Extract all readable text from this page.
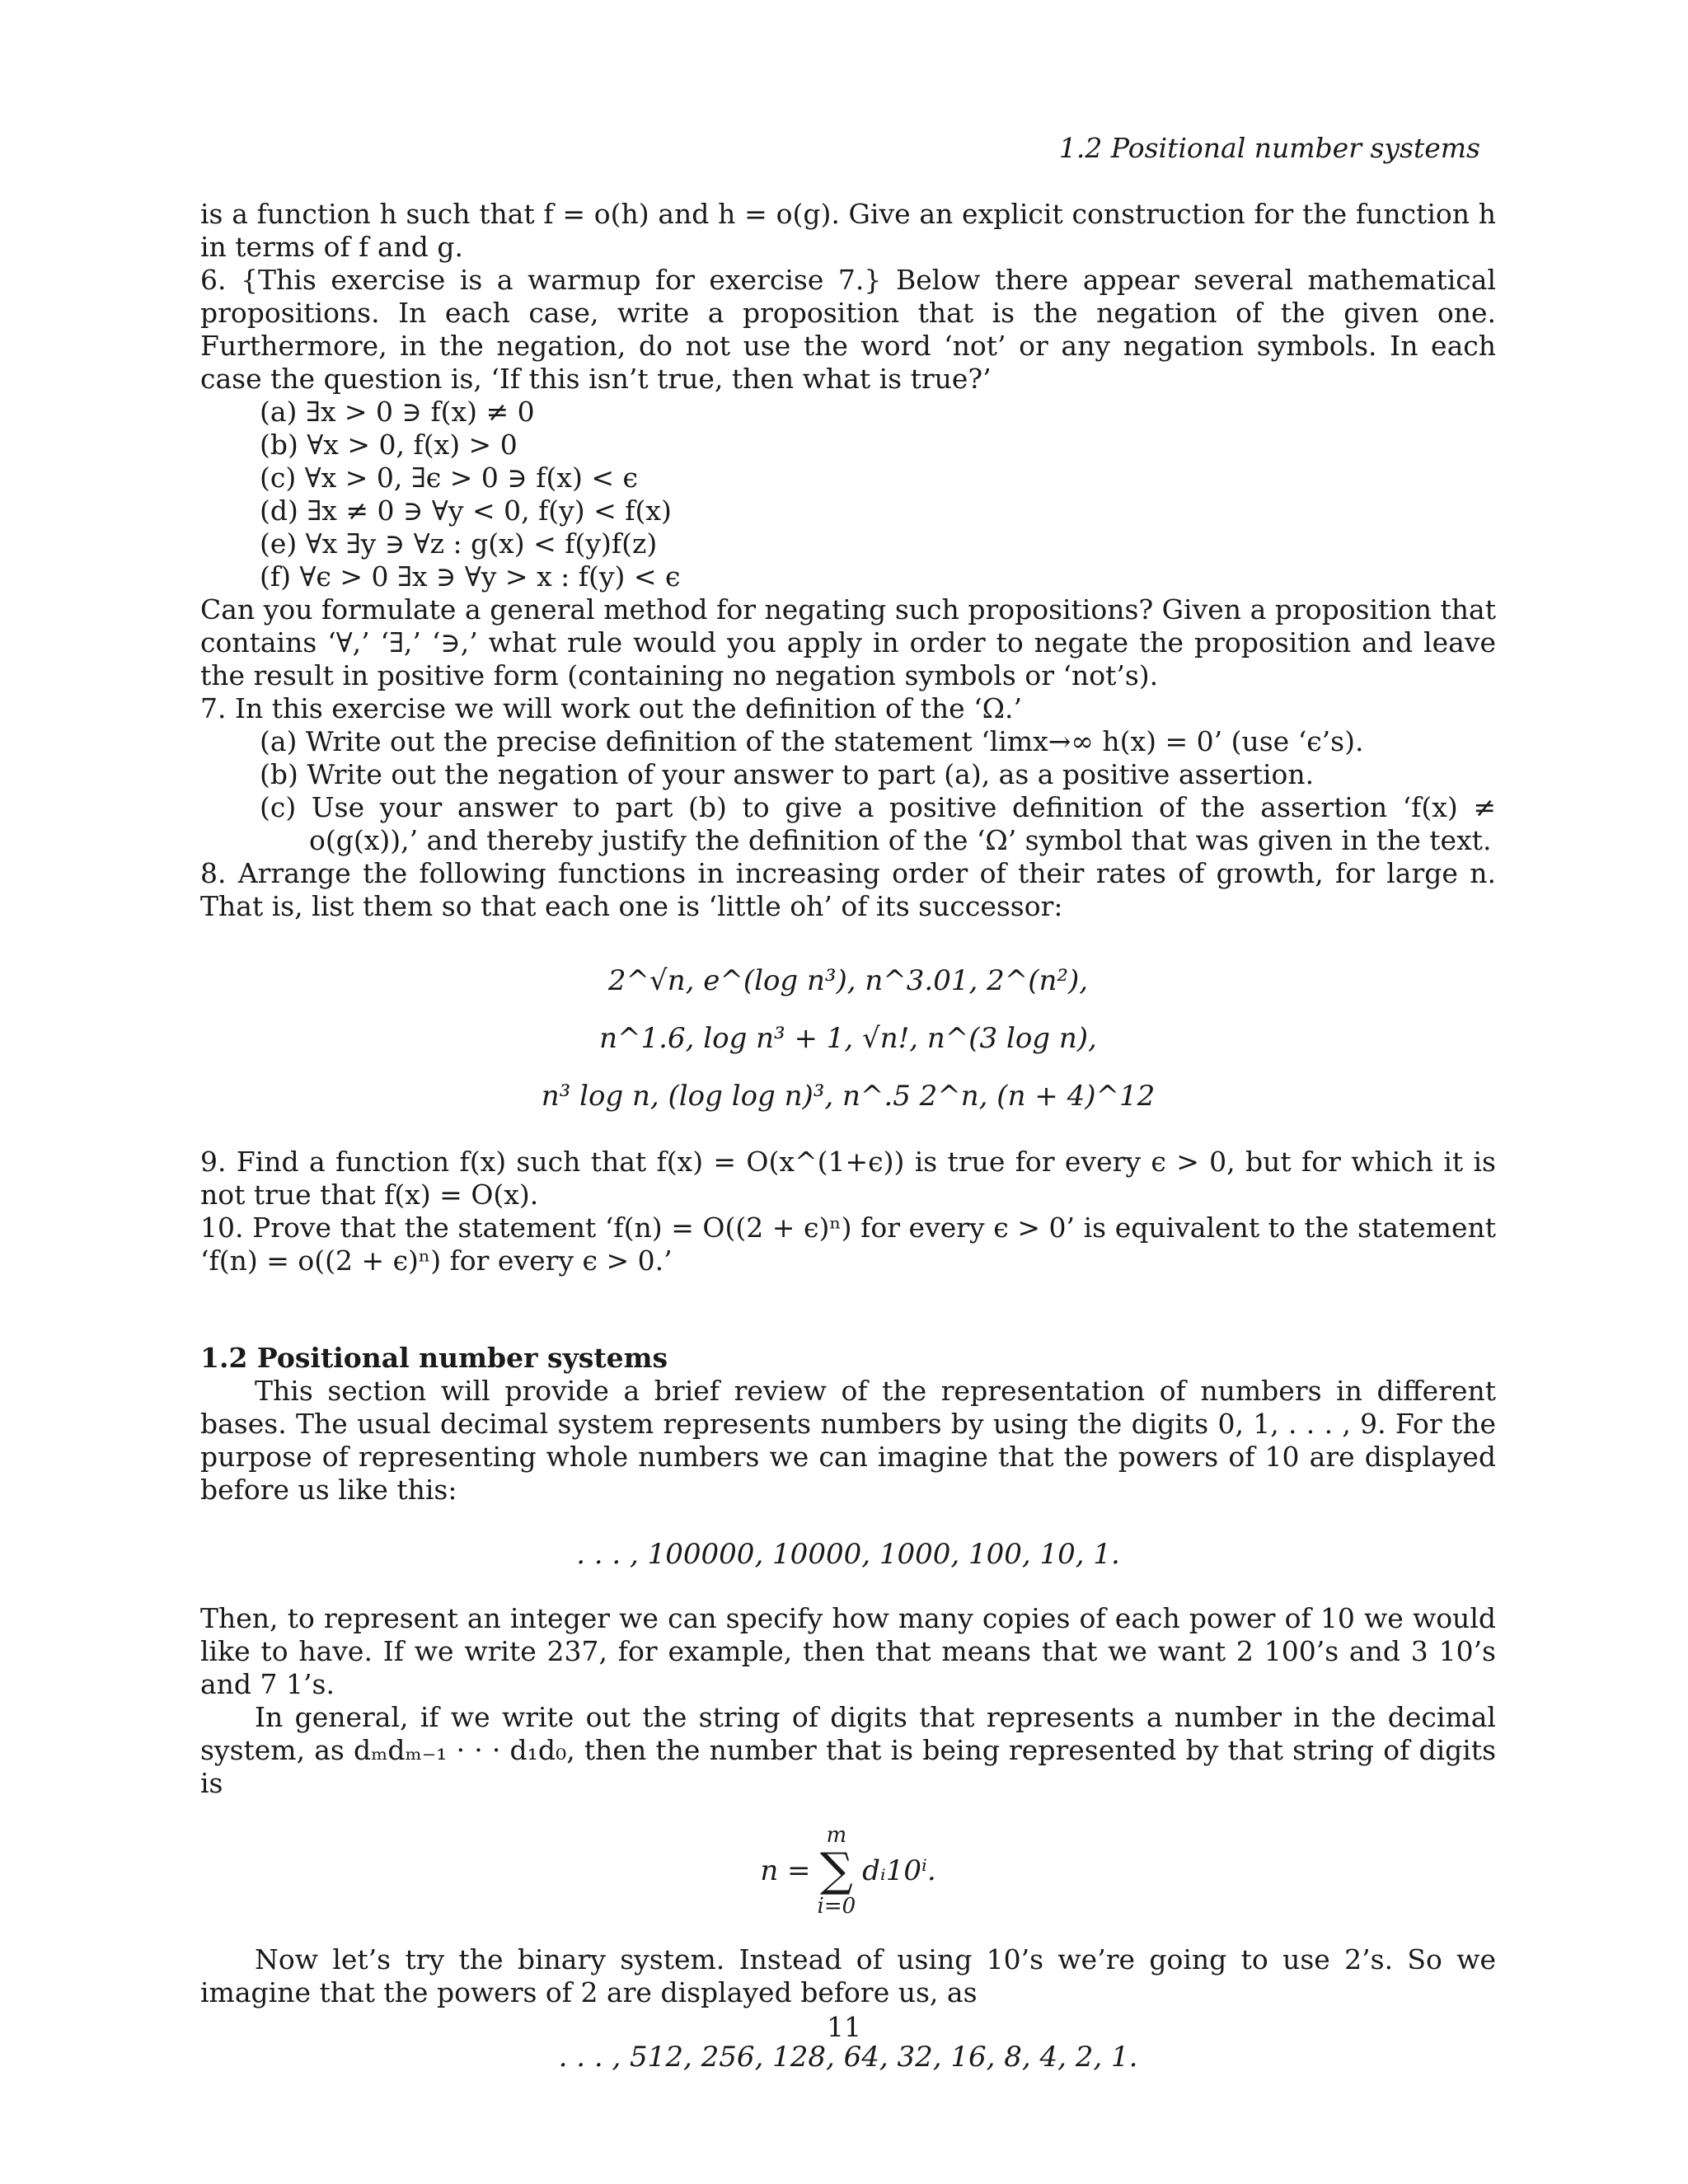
1.2 Positional number systems

is a function h such that f = o(h) and h = o(g). Give an explicit construction for the function h in terms of f and g.

6. {This exercise is a warmup for exercise 7.} Below there appear several mathematical propositions. In each case, write a proposition that is the negation of the given one. Furthermore, in the negation, do not use the word ‘not’ or any negation symbols. In each case the question is, ‘If this isn’t true, then what is true?’

(a) ∃x > 0 ∋ f(x) ≠ 0
(b) ∀x > 0, f(x) > 0
(c) ∀x > 0, ∃ϵ > 0 ∋ f(x) < ϵ
(d) ∃x ≠ 0 ∋ ∀y < 0, f(y) < f(x)
(e) ∀x ∃y ∋ ∀z : g(x) < f(y)f(z)
(f) ∀ϵ > 0 ∃x ∋ ∀y > x : f(y) < ϵ

Can you formulate a general method for negating such propositions? Given a proposition that contains ‘∀,’ ‘∃,’ ‘∋,’ what rule would you apply in order to negate the proposition and leave the result in positive form (containing no negation symbols or ‘not’s).

7. In this exercise we will work out the definition of the ‘Ω.’

(a) Write out the precise definition of the statement ‘limx→∞ h(x) = 0’ (use ‘ϵ’s).
(b) Write out the negation of your answer to part (a), as a positive assertion.
(c) Use your answer to part (b) to give a positive definition of the assertion ‘f(x) ≠ o(g(x)),’ and thereby justify the definition of the ‘Ω’ symbol that was given in the text.

8. Arrange the following functions in increasing order of their rates of growth, for large n. That is, list them so that each one is ‘little oh’ of its successor:

2^√n, e^(log n³), n^3.01, 2^(n²),
n^1.6, log n³ + 1, √n!, n^(3 log n),
n³ log n, (log log n)³, n^.5 2^n, (n + 4)^12

9. Find a function f(x) such that f(x) = O(x^(1+ϵ)) is true for every ϵ > 0, but for which it is not true that f(x) = O(x).

10. Prove that the statement ‘f(n) = O((2 + ϵ)ⁿ) for every ϵ > 0’ is equivalent to the statement ‘f(n) = o((2 + ϵ)ⁿ) for every ϵ > 0.’

1.2 Positional number systems

This section will provide a brief review of the representation of numbers in different bases. The usual decimal system represents numbers by using the digits 0, 1, . . . , 9. For the purpose of representing whole numbers we can imagine that the powers of 10 are displayed before us like this:

. . . , 100000, 10000, 1000, 100, 10, 1.

Then, to represent an integer we can specify how many copies of each power of 10 we would like to have. If we write 237, for example, then that means that we want 2 100’s and 3 10’s and 7 1’s.

In general, if we write out the string of digits that represents a number in the decimal system, as dₘdₘ₋₁ · · · d₁d₀, then the number that is being represented by that string of digits is

n =
m
∑
i=0
dᵢ10ⁱ.

Now let’s try the binary system. Instead of using 10’s we’re going to use 2’s. So we imagine that the powers of 2 are displayed before us, as

. . . , 512, 256, 128, 64, 32, 16, 8, 4, 2, 1.
11
